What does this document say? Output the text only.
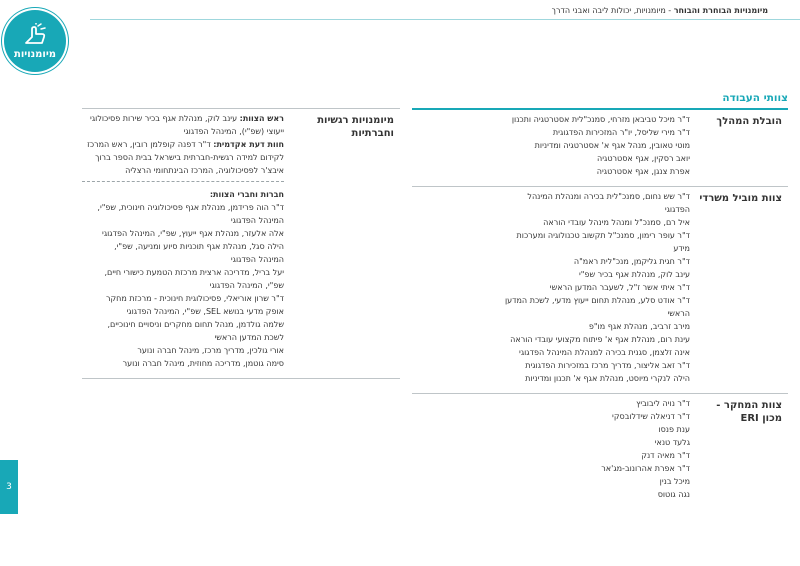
מיומנויות הבוחרת והבוחר - מיומנויות, יכולות ליבה ואבני הדרך
מיומנויות
3
צוותי העבודה
הובלת המהלך
ד"ר מיכל טביבאן מזרחי, סמנכ"לית אסטרטגיה ותכנון
ד"ר מירי שליסל, יו"ר המזכירות הפדגוגית
מוטי טאובין, מנהל אגף א' אסטרטגיה ומדיניות
יואב רסקין, אגף אסטרטגיה
אפרת צנגן, אגף אסטרטגיה
צוות מוביל משרדי
ד"ר שש נחום, סמנכ"לית בכירה ומנהלת המינהל
הפדגוגי
איל רם, סמנכ"ל ומנהל מינהל עובדי הוראה
ד"ר עופר רימון, סמנכ"ל תקשוב טכנולוגיה ומערכות
מידע
ד"ר חגית גליקמן, מנכ"לית ראמ"ה
עינב לוק, מנהלת אגף בכיר שפ"י
ד"ר איתי אשר ז"ל, לשעבר המדען הראשי
ד"ר אודט סלע, מנהלת תחום ייעוץ מדעי, לשכת המדען
הראשי
מירב זרביב, מנהלת אגף מו"פ
עינת רום, מנהלת אגף א' פיתוח מקצועי עובדי הוראה
אינה זלצמן, סגנית בכירה למנהלת המינהל הפדגוגי
ד"ר זאב אליצור, מדריך מרכז במזכירות הפדגוגית
הילה לנקרי מיוסט, מנהלת אגף א' תכנון ומדיניות
צוות המחקר -
מכון ERI
ד"ר נויה ליבוביץ
ד"ר דניאלה שידלובסקי
ענת פנסו
גלעד טנאי
ד"ר מאיה דנק
ד"ר אפרת אהרונוב-מג'אר
מיכל בנין
נגה גוטוס
מיומנויות רגשיות
וחברתיות
ראש הצוות: עינב לוק, מנהלת אגף בכיר שירות פסיכולוגי ייעוצי (שפ"י), המינהל הפדגוגי
חוות דעת אקדמית: ד"ר דפנה קופלמן רובין, ראש המרכז לקידום למידה רגשית-חברתית בישראל בבית הספר ברוך איבצ'ר לפסיכולוגיה, המרכז הבינתחומי הרצליה
חברות וחברי הצוות:
ד"ר הוה פרידמן, מנהלת אגף פסיכולוגיה חינוכית, שפ"י,
המינהל הפדגוגי
אלה אלעזר, מנהלת אגף ייעוץ, שפ"י, המינהל הפדגוגי
הילה סגל, מנהלת אגף תוכניות סיוע ומניעה, שפ"י,
המינהל הפדגוגי
יעל בריל, מדריכה ארצית מרכזת הטמעת כישורי חיים,
שפ"י, המינהל הפדגוגי
ד"ר שרון אוריאלי, פסיכולוגית חינוכית - מרכזת מחקר
אופק מדעי בנושא SEL, שפ"י, המינהל הפדגוגי
שלמה גולדמן, מנהל תחום מחקרים וניסויים חינוכיים,
לשכת המדען הראשי
אורי גולכין, מדריך מרכז, מינהל חברה ונוער
סימה גוטמן, מדריכה מחוזית, מינהל חברה ונוער
